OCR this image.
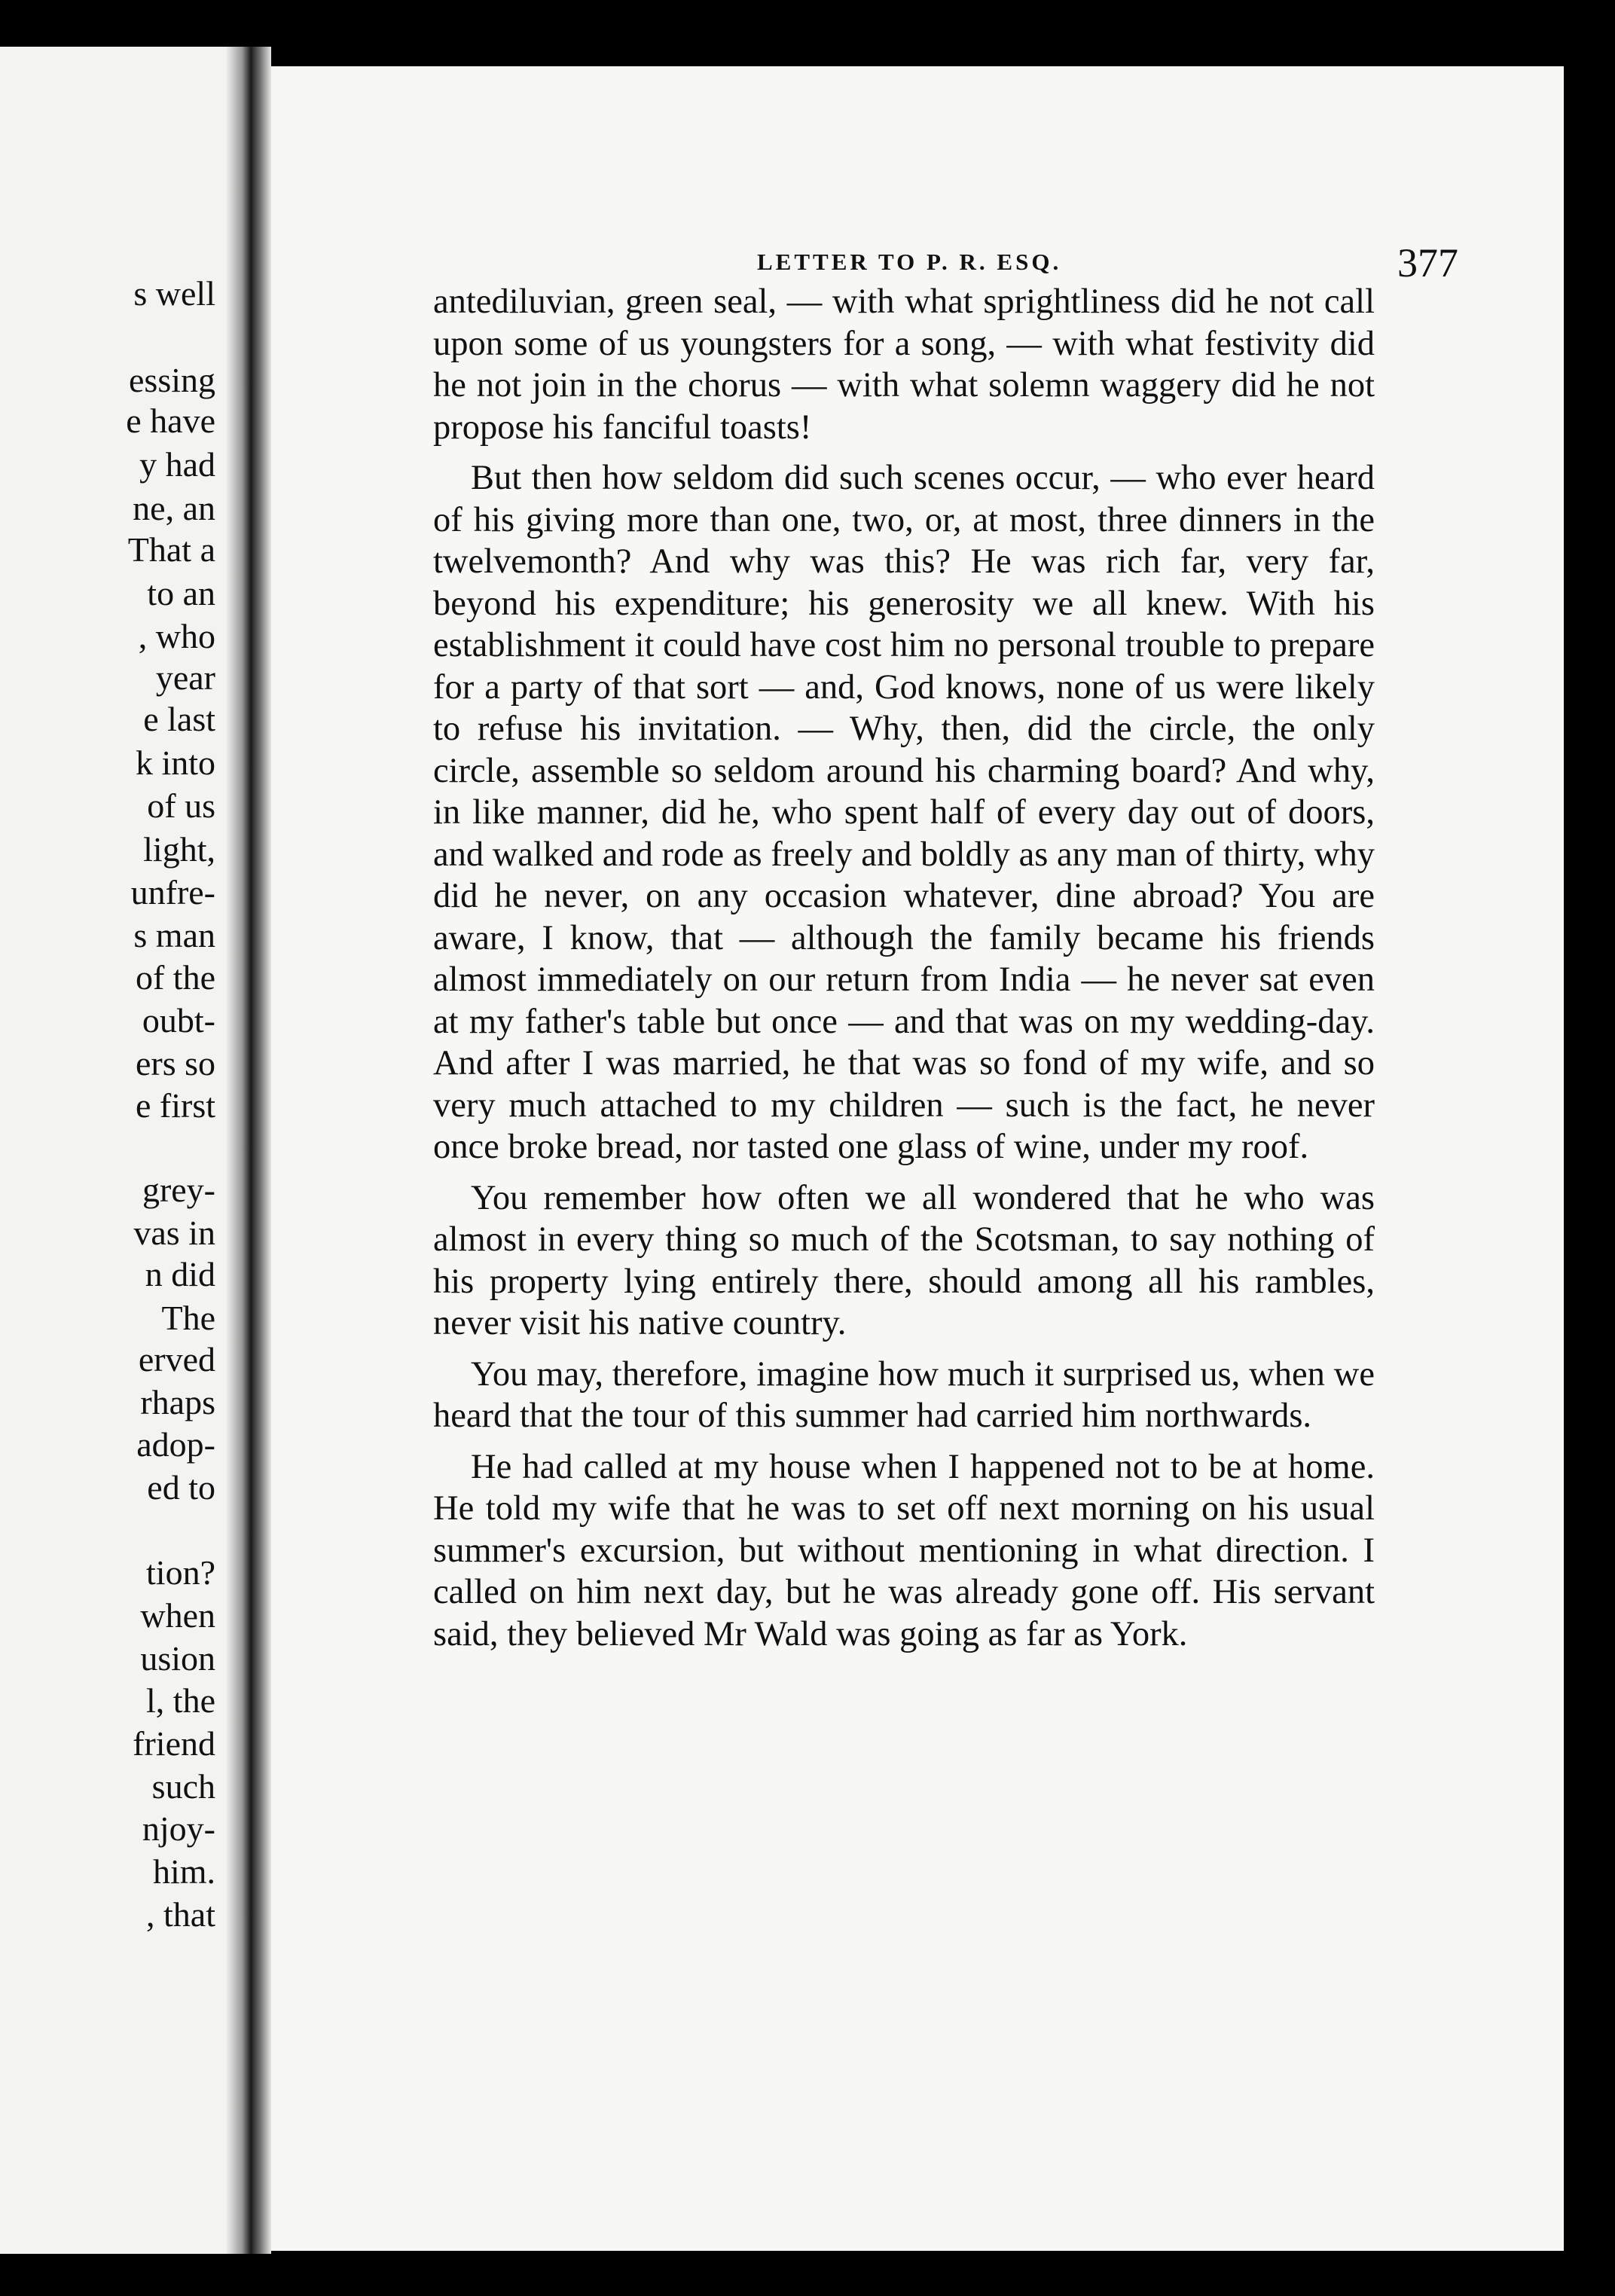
s well
essing
e have
y had
ne, an
That a
to an
, who
year
e last
k into
of us
light,
unfre-
s man
of the
oubt-
ers so
e first
grey-
vas in
n did
The
erved
rhaps
adop-
ed to
tion?
when
usion
l, the
friend
such
njoy-
him.
, that
LETTER TO P. R. ESQ.	377

antediluvian, green seal, — with what sprightliness did he not call upon some of us youngsters for a song, — with what festivity did he not join in the chorus — with what solemn waggery did he not propose his fanciful toasts!

But then how seldom did such scenes occur, — who ever heard of his giving more than one, two, or, at most, three dinners in the twelvemonth? And why was this? He was rich far, very far, beyond his expenditure; his generosity we all knew. With his establishment it could have cost him no personal trouble to prepare for a party of that sort — and, God knows, none of us were likely to refuse his invitation. — Why, then, did the circle, the only circle, assemble so seldom around his charming board? And why, in like manner, did he, who spent half of every day out of doors, and walked and rode as freely and boldly as any man of thirty, why did he never, on any occasion whatever, dine abroad? You are aware, I know, that — although the family became his friends almost immediately on our return from India — he never sat even at my father's table but once — and that was on my wedding-day. And after I was married, he that was so fond of my wife, and so very much attached to my children — such is the fact, he never once broke bread, nor tasted one glass of wine, under my roof.

You remember how often we all wondered that he who was almost in every thing so much of the Scotsman, to say nothing of his property lying entirely there, should among all his rambles, never visit his native country.

You may, therefore, imagine how much it surprised us, when we heard that the tour of this summer had carried him northwards.

He had called at my house when I happened not to be at home. He told my wife that he was to set off next morning on his usual summer's excursion, but without mentioning in what direction. I called on him next day, but he was already gone off. His servant said, they believed Mr Wald was going as far as York.
